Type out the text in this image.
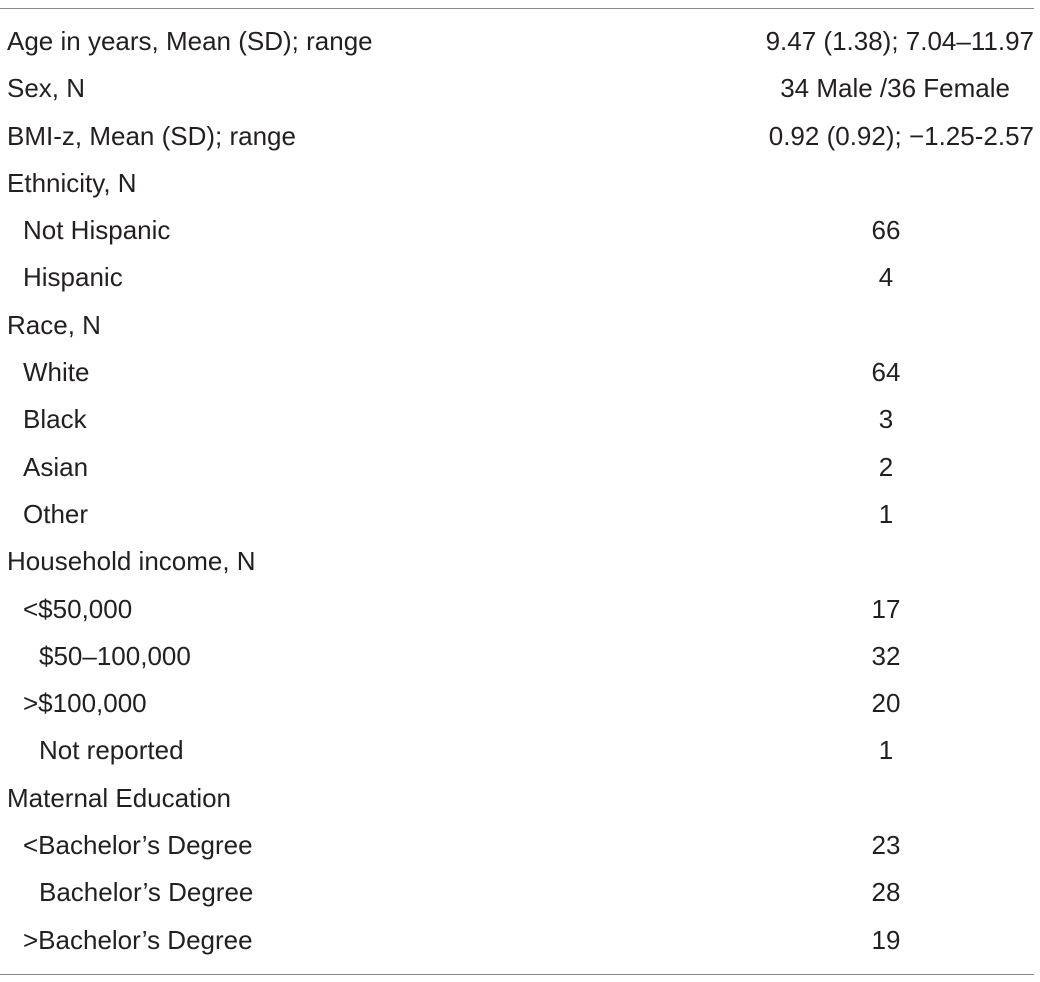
Age in years, Mean (SD); range	9.47 (1.38); 7.04–11.97
Sex, N	34 Male /36 Female
BMI-z, Mean (SD); range	0.92 (0.92); −1.25-2.57
Ethnicity, N
Not Hispanic	66
Hispanic	4
Race, N
White	64
Black	3
Asian	2
Other	1
Household income, N
<$50,000	17
$50–100,000	32
>$100,000	20
Not reported	1
Maternal Education
<Bachelor’s Degree	23
Bachelor’s Degree	28
>Bachelor’s Degree	19
